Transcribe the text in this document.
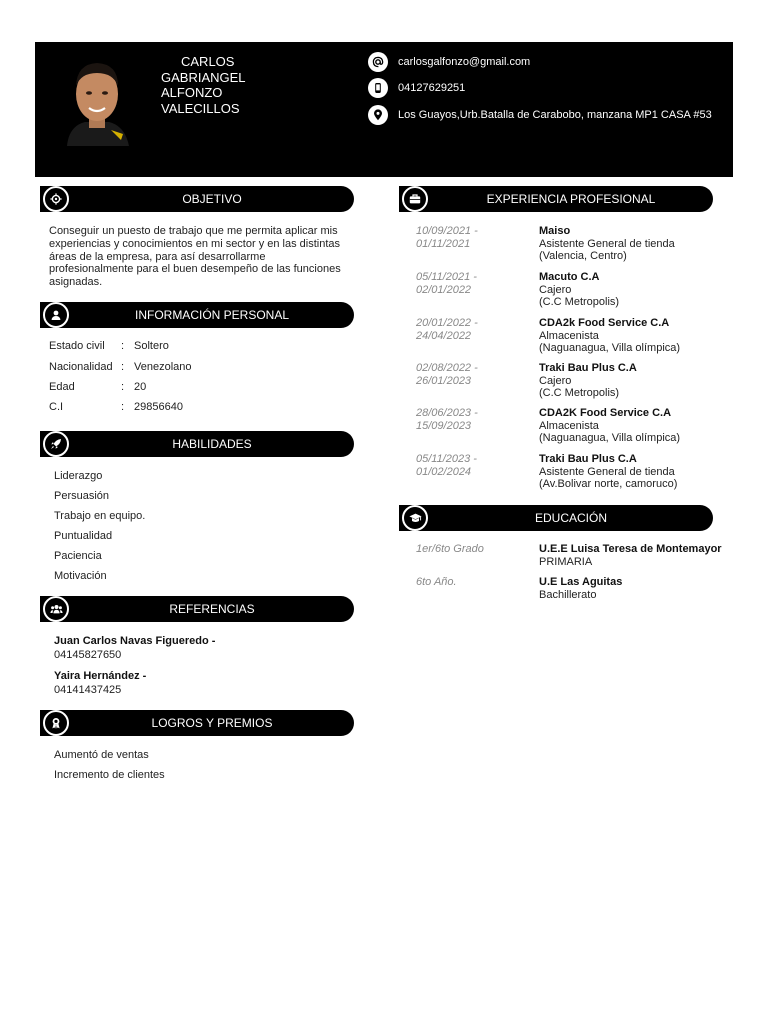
CARLOS
GABRIANGEL
ALFONZO
VALECILLOS
carlosgalfonzo@gmail.com
04127629251
Los Guayos,Urb.Batalla de Carabobo, manzana MP1 CASA #53
OBJETIVO
Conseguir un puesto de trabajo que me permita aplicar mis
experiencias y conocimientos en mi sector y en las distintas
áreas de la empresa, para así desarrollarme
profesionalmente para el buen desempeño de las funciones
asignadas.
INFORMACIÓN PERSONAL
Estado civil	: Soltero
Nacionalidad : Venezolano
Edad	: 20
C.I	: 29856640
HABILIDADES
Liderazgo
Persuasión
Trabajo en equipo.
Puntualidad
Paciencia
Motivación
REFERENCIAS
Juan Carlos Navas Figueredo -
04145827650
Yaira Hernández -
04141437425
LOGROS Y PREMIOS
Aumentó de ventas
Incremento de clientes
EXPERIENCIA PROFESIONAL
10/09/2021 -
01/11/2021
Maiso
Asistente General de tienda
(Valencia, Centro)
05/11/2021 -
02/01/2022
Macuto C.A
Cajero
(C.C Metropolis)
20/01/2022 -
24/04/2022
CDA2k Food Service C.A
Almacenista
(Naguanagua, Villa olímpica)
02/08/2022 -
26/01/2023
Traki Bau Plus C.A
Cajero
(C.C Metropolis)
28/06/2023 -
15/09/2023
CDA2K Food Service C.A
Almacenista
(Naguanagua, Villa olímpica)
05/11/2023 -
01/02/2024
Traki Bau Plus C.A
Asistente General de tienda
(Av.Bolivar norte, camoruco)
EDUCACIÓN
1er/6to Grado	U.E.E Luisa Teresa de Montemayor
PRIMARIA
6to Año.	U.E Las Aguitas
Bachillerato
